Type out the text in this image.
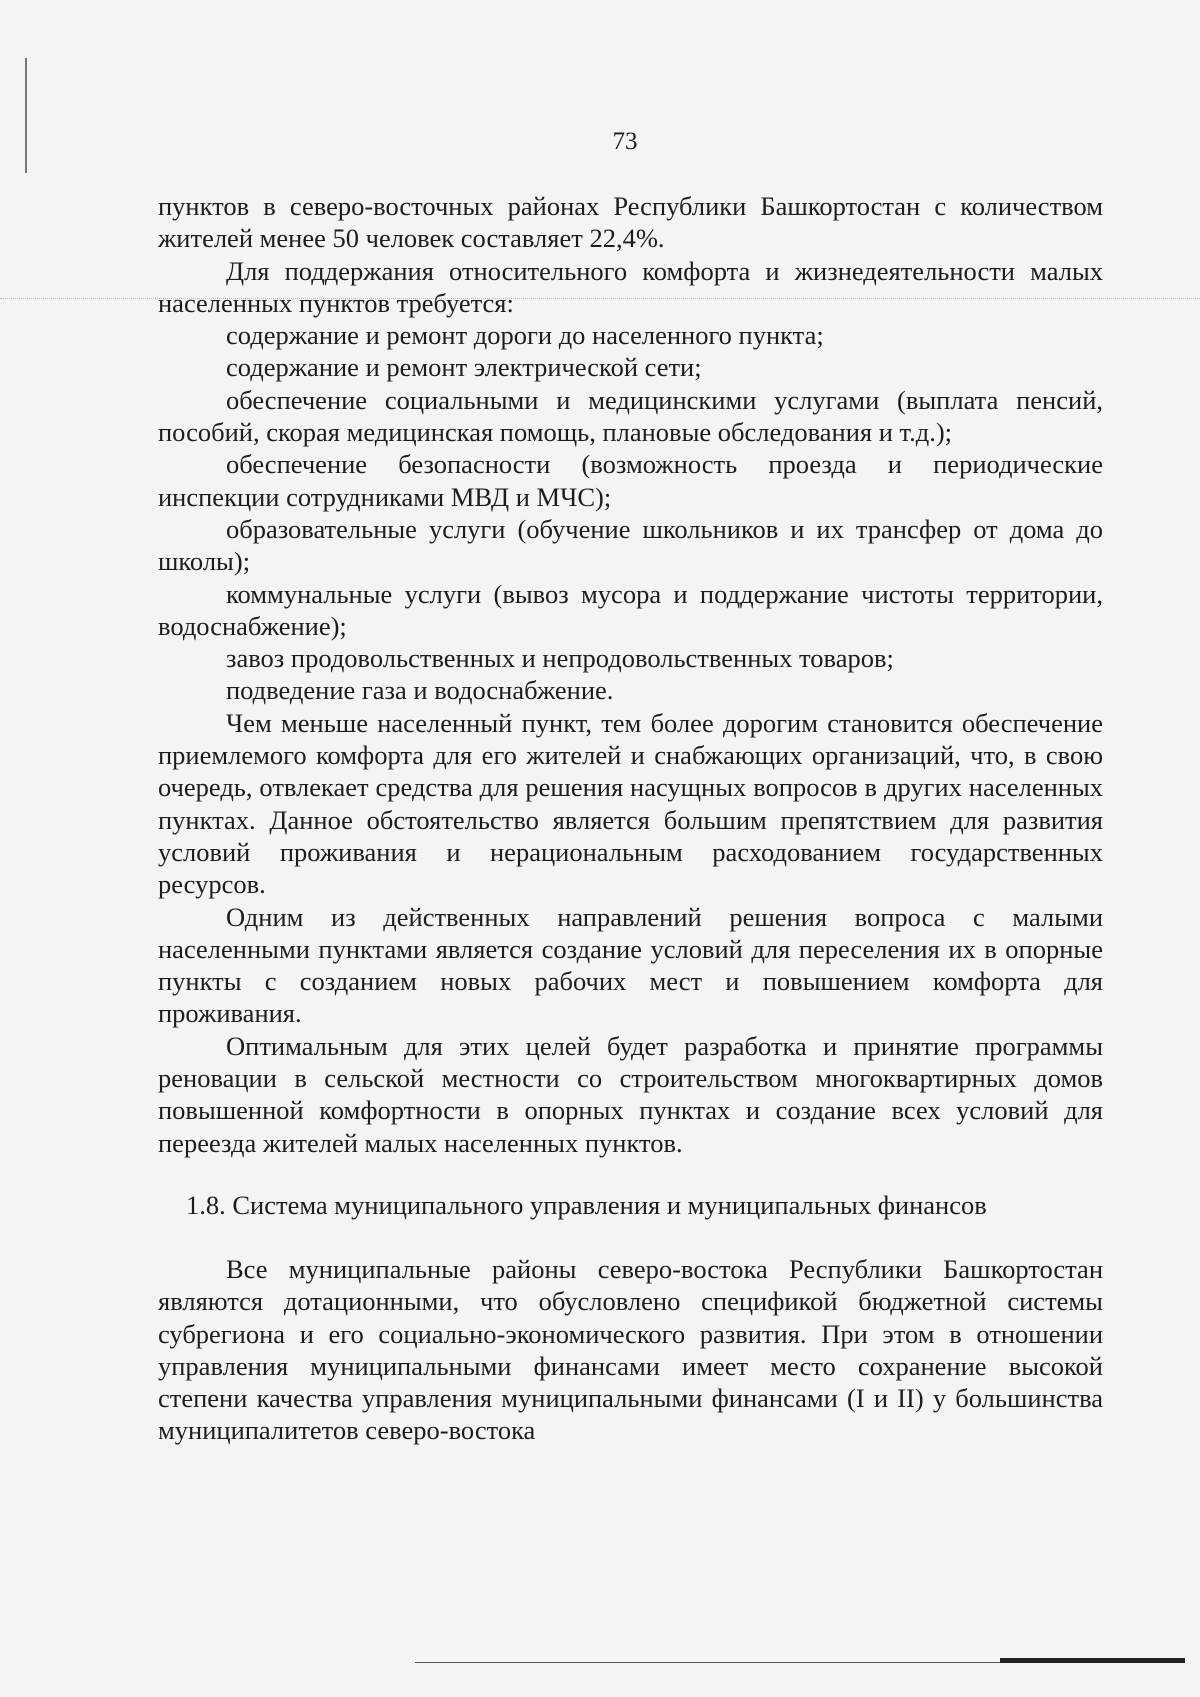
73

пунктов в северо-восточных районах Республики Башкортостан с количеством жителей менее 50 человек составляет 22,4%.

Для поддержания относительного комфорта и жизнедеятельности малых населенных пунктов требуется:

содержание и ремонт дороги до населенного пункта;

содержание и ремонт электрической сети;

обеспечение социальными и медицинскими услугами (выплата пенсий, пособий, скорая медицинская помощь, плановые обследования и т.д.);

обеспечение безопасности (возможность проезда и периодические инспекции сотрудниками МВД и МЧС);

образовательные услуги (обучение школьников и их трансфер от дома до школы);

коммунальные услуги (вывоз мусора и поддержание чистоты территории, водоснабжение);

завоз продовольственных и непродовольственных товаров;

подведение газа и водоснабжение.

Чем меньше населенный пункт, тем более дорогим становится обеспечение приемлемого комфорта для его жителей и снабжающих организаций, что, в свою очередь, отвлекает средства для решения насущных вопросов в других населенных пунктах. Данное обстоятельство является большим препятствием для развития условий проживания и нерациональным расходованием государственных ресурсов.

Одним из действенных направлений решения вопроса с малыми населенными пунктами является создание условий для переселения их в опорные пункты с созданием новых рабочих мест и повышением комфорта для проживания.

Оптимальным для этих целей будет разработка и принятие программы реновации в сельской местности со строительством многоквартирных домов повышенной комфортности в опорных пунктах и создание всех условий для переезда жителей малых населенных пунктов.

1.8. Система муниципального управления и муниципальных финансов

Все муниципальные районы северо-востока Республики Башкортостан являются дотационными, что обусловлено спецификой бюджетной системы субрегиона и его социально-экономического развития. При этом в отношении управления муниципальными финансами имеет место сохранение высокой степени качества управления муниципальными финансами (I и II) у большинства муниципалитетов северо-востока
